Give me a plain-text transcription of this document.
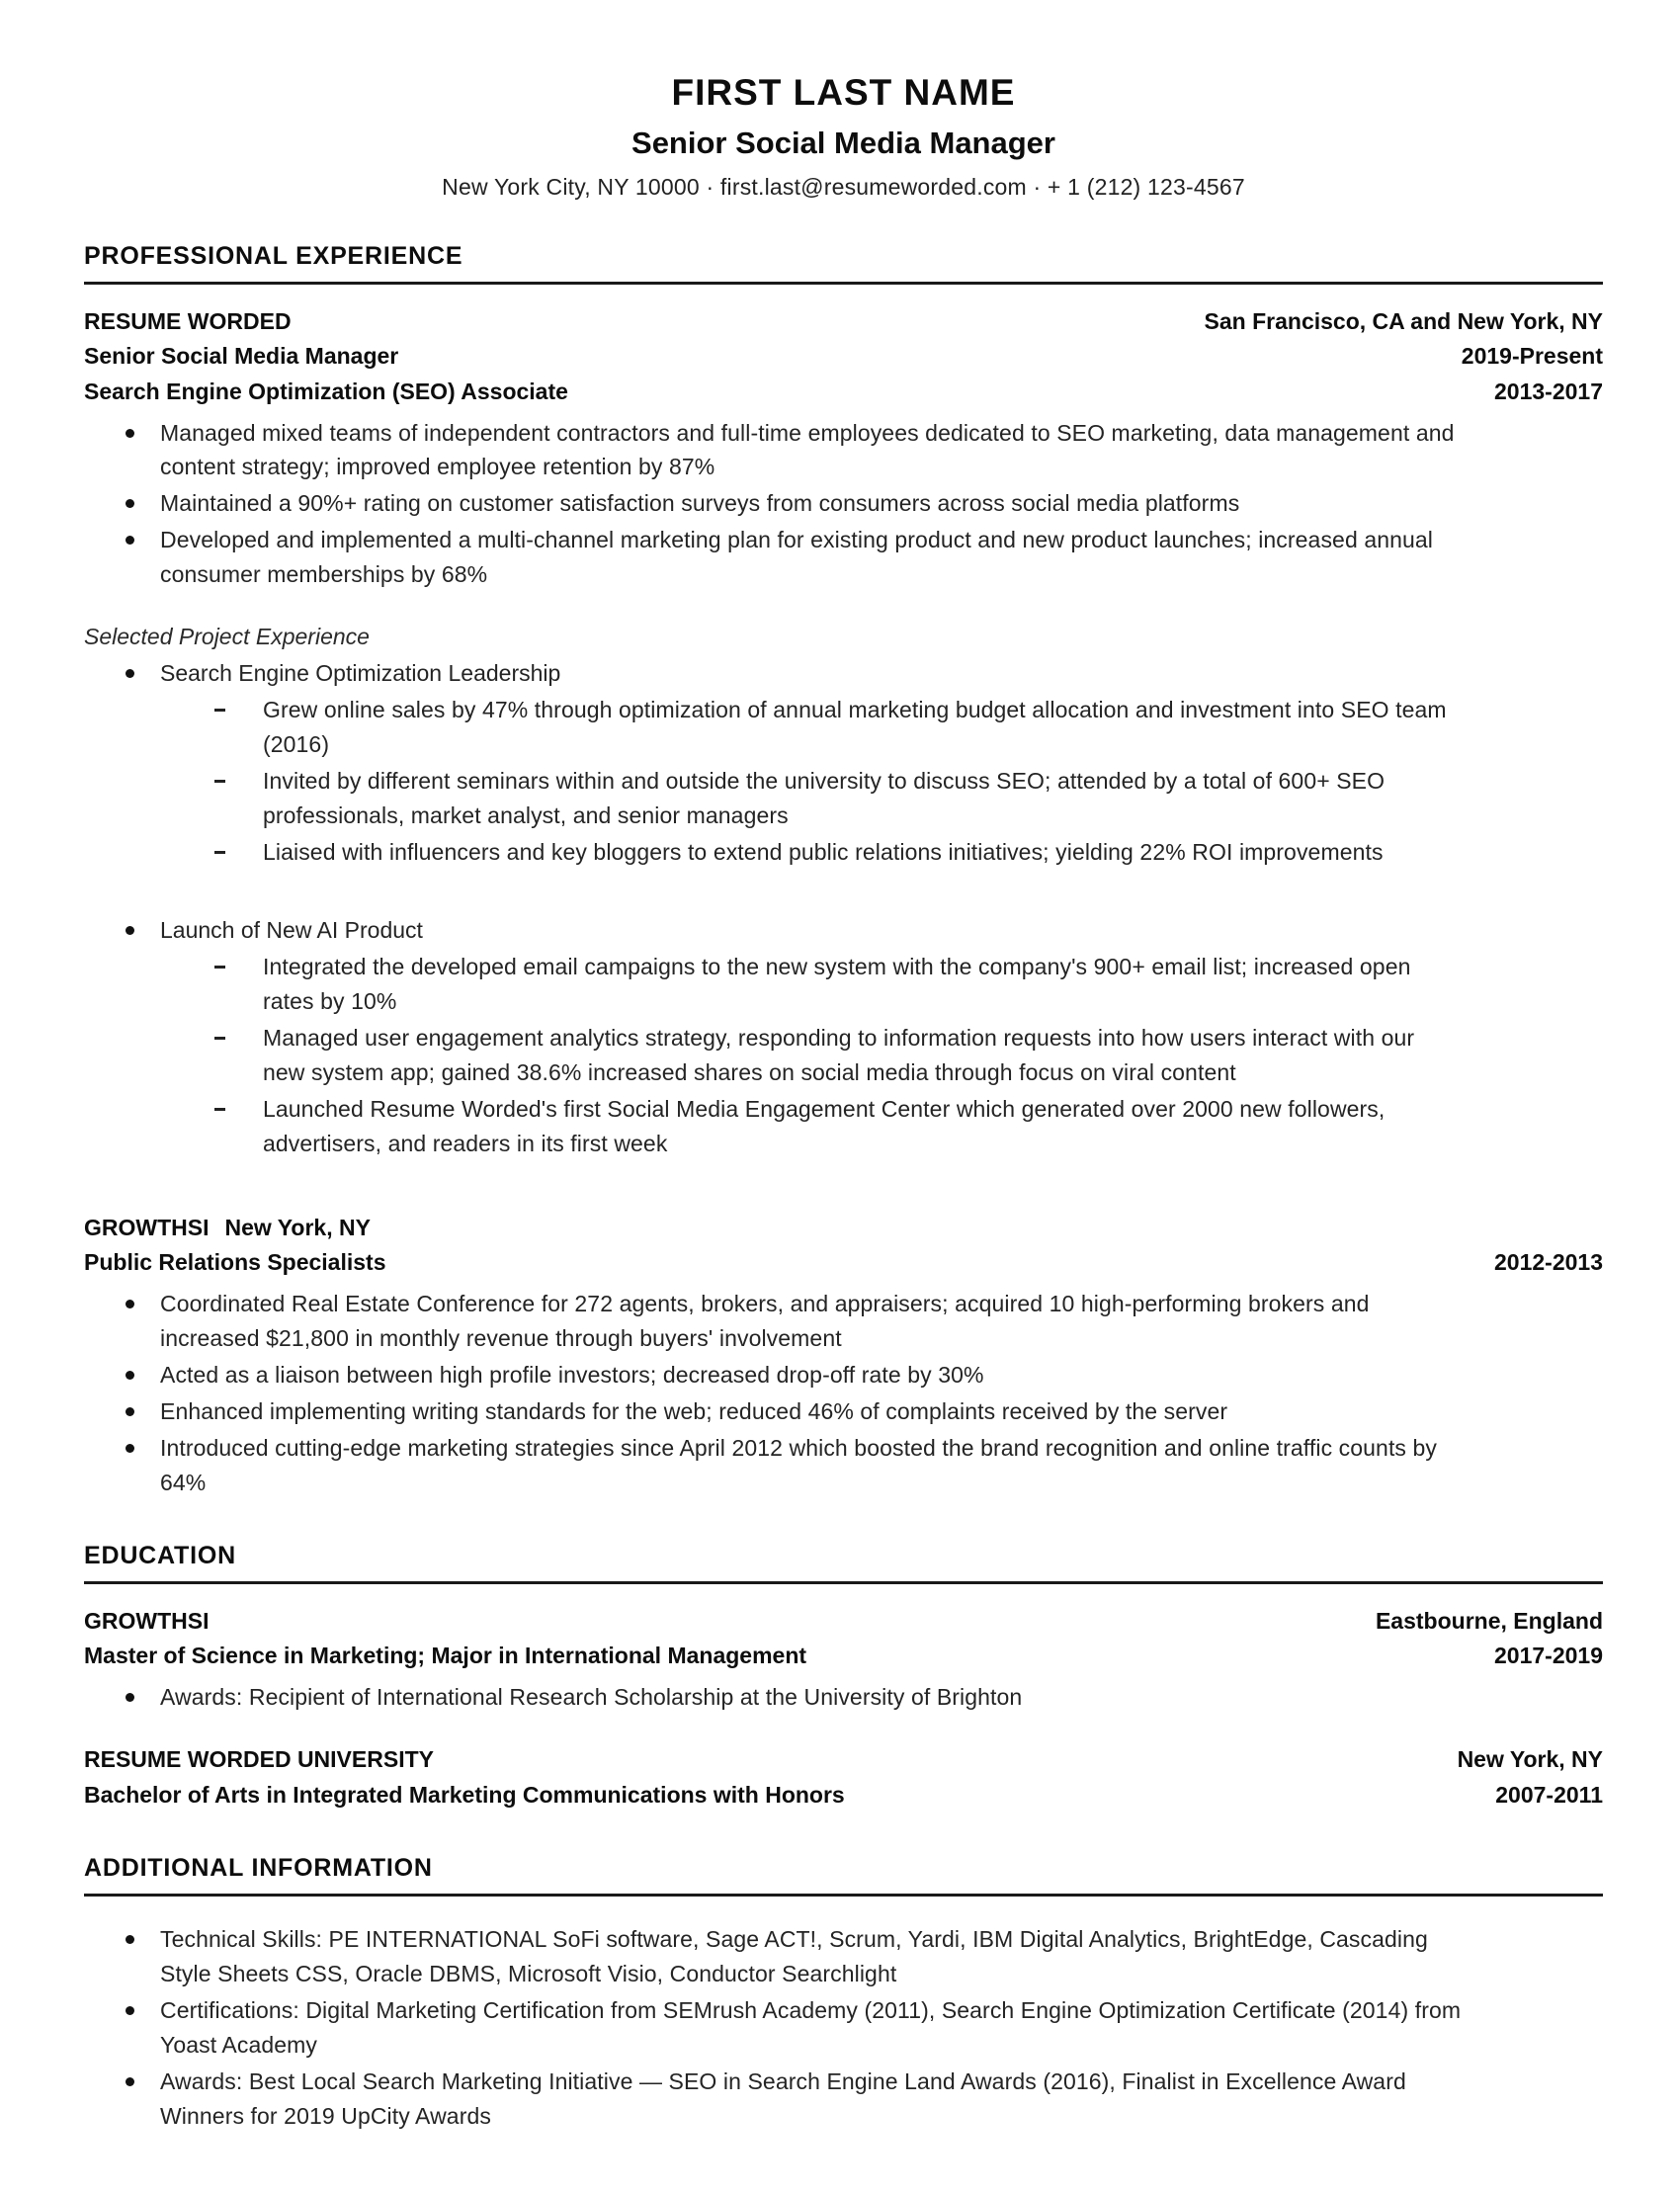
FIRST LAST NAME
Senior Social Media Manager
New York City, NY 10000 · first.last@resumeworded.com · + 1 (212) 123-4567
PROFESSIONAL EXPERIENCE
RESUME WORDED	San Francisco, CA and New York, NY
Senior Social Media Manager	2019-Present
Search Engine Optimization (SEO) Associate	2013-2017
Managed mixed teams of independent contractors and full-time employees dedicated to SEO marketing, data management and content strategy; improved employee retention by 87%
Maintained a 90%+ rating on customer satisfaction surveys from consumers across social media platforms
Developed and implemented a multi-channel marketing plan for existing product and new product launches; increased annual consumer memberships by 68%
Selected Project Experience
Search Engine Optimization Leadership
Grew online sales by 47% through optimization of annual marketing budget allocation and investment into SEO team (2016)
Invited by different seminars within and outside the university to discuss SEO; attended by a total of 600+ SEO professionals, market analyst, and senior managers
Liaised with influencers and key bloggers to extend public relations initiatives; yielding 22% ROI improvements
Launch of New AI Product
Integrated the developed email campaigns to the new system with the company's 900+ email list; increased open rates by 10%
Managed user engagement analytics strategy, responding to information requests into how users interact with our new system app; gained 38.6% increased shares on social media through focus on viral content
Launched Resume Worded's first Social Media Engagement Center which generated over 2000 new followers, advertisers, and readers in its first week
GROWTHSI New York, NY
Public Relations Specialists	2012-2013
Coordinated Real Estate Conference for 272 agents, brokers, and appraisers; acquired 10 high-performing brokers and increased $21,800 in monthly revenue through buyers' involvement
Acted as a liaison between high profile investors; decreased drop-off rate by 30%
Enhanced implementing writing standards for the web; reduced 46% of complaints received by the server
Introduced cutting-edge marketing strategies since April 2012 which boosted the brand recognition and online traffic counts by 64%
EDUCATION
GROWTHSI	Eastbourne, England
Master of Science in Marketing; Major in International Management	2017-2019
Awards: Recipient of International Research Scholarship at the University of Brighton
RESUME WORDED UNIVERSITY	New York, NY
Bachelor of Arts in Integrated Marketing Communications with Honors	2007-2011
ADDITIONAL INFORMATION
Technical Skills: PE INTERNATIONAL SoFi software, Sage ACT!, Scrum, Yardi, IBM Digital Analytics, BrightEdge, Cascading Style Sheets CSS, Oracle DBMS, Microsoft Visio, Conductor Searchlight
Certifications: Digital Marketing Certification from SEMrush Academy (2011), Search Engine Optimization Certificate (2014) from Yoast Academy
Awards: Best Local Search Marketing Initiative — SEO in Search Engine Land Awards (2016), Finalist in Excellence Award Winners for 2019 UpCity Awards
